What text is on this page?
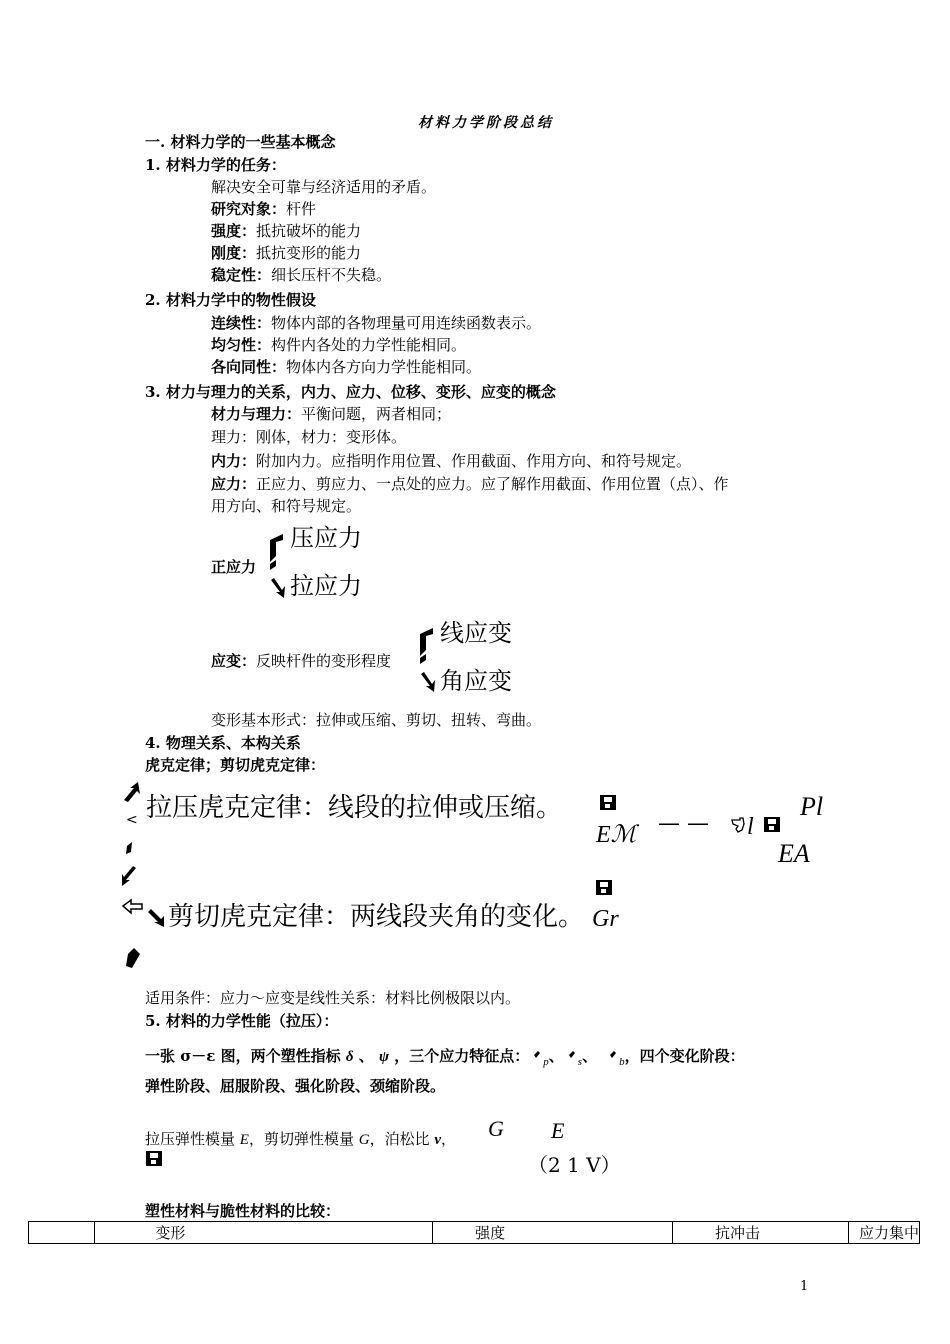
材料力学阶段总结
一. 材料力学的一些基本概念
1. 材料力学的任务：
解决安全可靠与经济适用的矛盾。
研究对象：杆件
强度：抵抗破坏的能力
刚度：抵抗变形的能力
稳定性：细长压杆不失稳。
2. 材料力学中的物性假设
连续性：物体内部的各物理量可用连续函数表示。
均匀性：构件内各处的力学性能相同。
各向同性：物体内各方向力学性能相同。
3. 材力与理力的关系，内力、应力、位移、变形、应变的概念
材力与理力：平衡问题，两者相同；
理力：刚体，材力：变形体。
内力：附加内力。应指明作用位置、作用截面、作用方向、和符号规定。
应力：正应力、剪应力、一点处的应力。应了解作用截面、作用位置（点）、作
用方向、和符号规定。
正应力
压应力
拉应力
应变：反映杆件的变形程度
线应变
角应变
变形基本形式：拉伸或压缩、剪切、扭转、弯曲。
4. 物理关系、本构关系
虎克定律；剪切虎克定律：
< 拉压虎克定律：线段的拉伸或压缩。
剪切虎克定律：两线段夹角的变化。
Eℳ — — l
Pl
EA
Gr
适用条件：应力～应变是线性关系：材料比例极限以内。
5. 材料的力学性能（拉压）：
一张 σ－ε 图，两个塑性指标 δ 、 ψ ，三个应力特征点： $_p$、 $_s$、 $_b$，四个变化阶段：
弹性阶段、屈服阶段、强化阶段、颈缩阶段。
拉压弹性模量 E，剪切弹性模量 G，泊松比 v， G E
（2 1 V）
塑性材料与脆性材料的比较：
	变形	强度	抗冲击	应力集中
1
